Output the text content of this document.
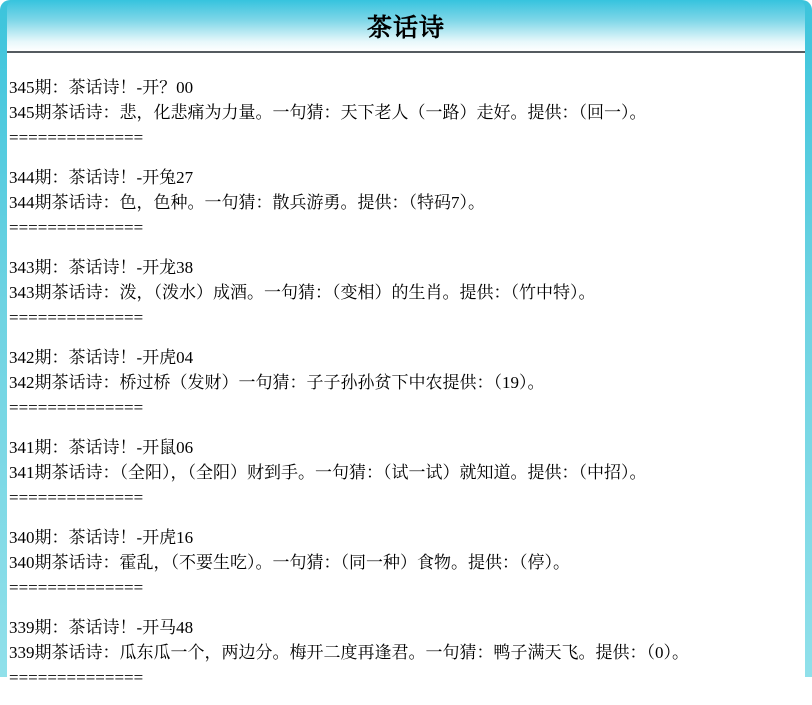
茶话诗
345期：茶话诗！-开？00
345期茶话诗：悲，化悲痛为力量。一句猜：天下老人（一路）走好。提供：（回一）。
==============
344期：茶话诗！-开兔27
344期茶话诗：色，色种。一句猜：散兵游勇。提供：（特码7）。
==============
343期：茶话诗！-开龙38
343期茶话诗：泼，（泼水）成酒。一句猜：（变相）的生肖。提供：（竹中特）。
==============
342期：茶话诗！-开虎04
342期茶话诗：桥过桥（发财）一句猜：子子孙孙贫下中农提供：（19）。
==============
341期：茶话诗！-开鼠06
341期茶话诗：（全阳），（全阳）财到手。一句猜：（试一试）就知道。提供：（中招）。
==============
340期：茶话诗！-开虎16
340期茶话诗：霍乱，（不要生吃）。一句猜：（同一种）食物。提供：（停）。
==============
339期：茶话诗！-开马48
339期茶话诗：瓜东瓜一个，两边分。梅开二度再逢君。一句猜：鸭子满天飞。提供：（0）。
==============
